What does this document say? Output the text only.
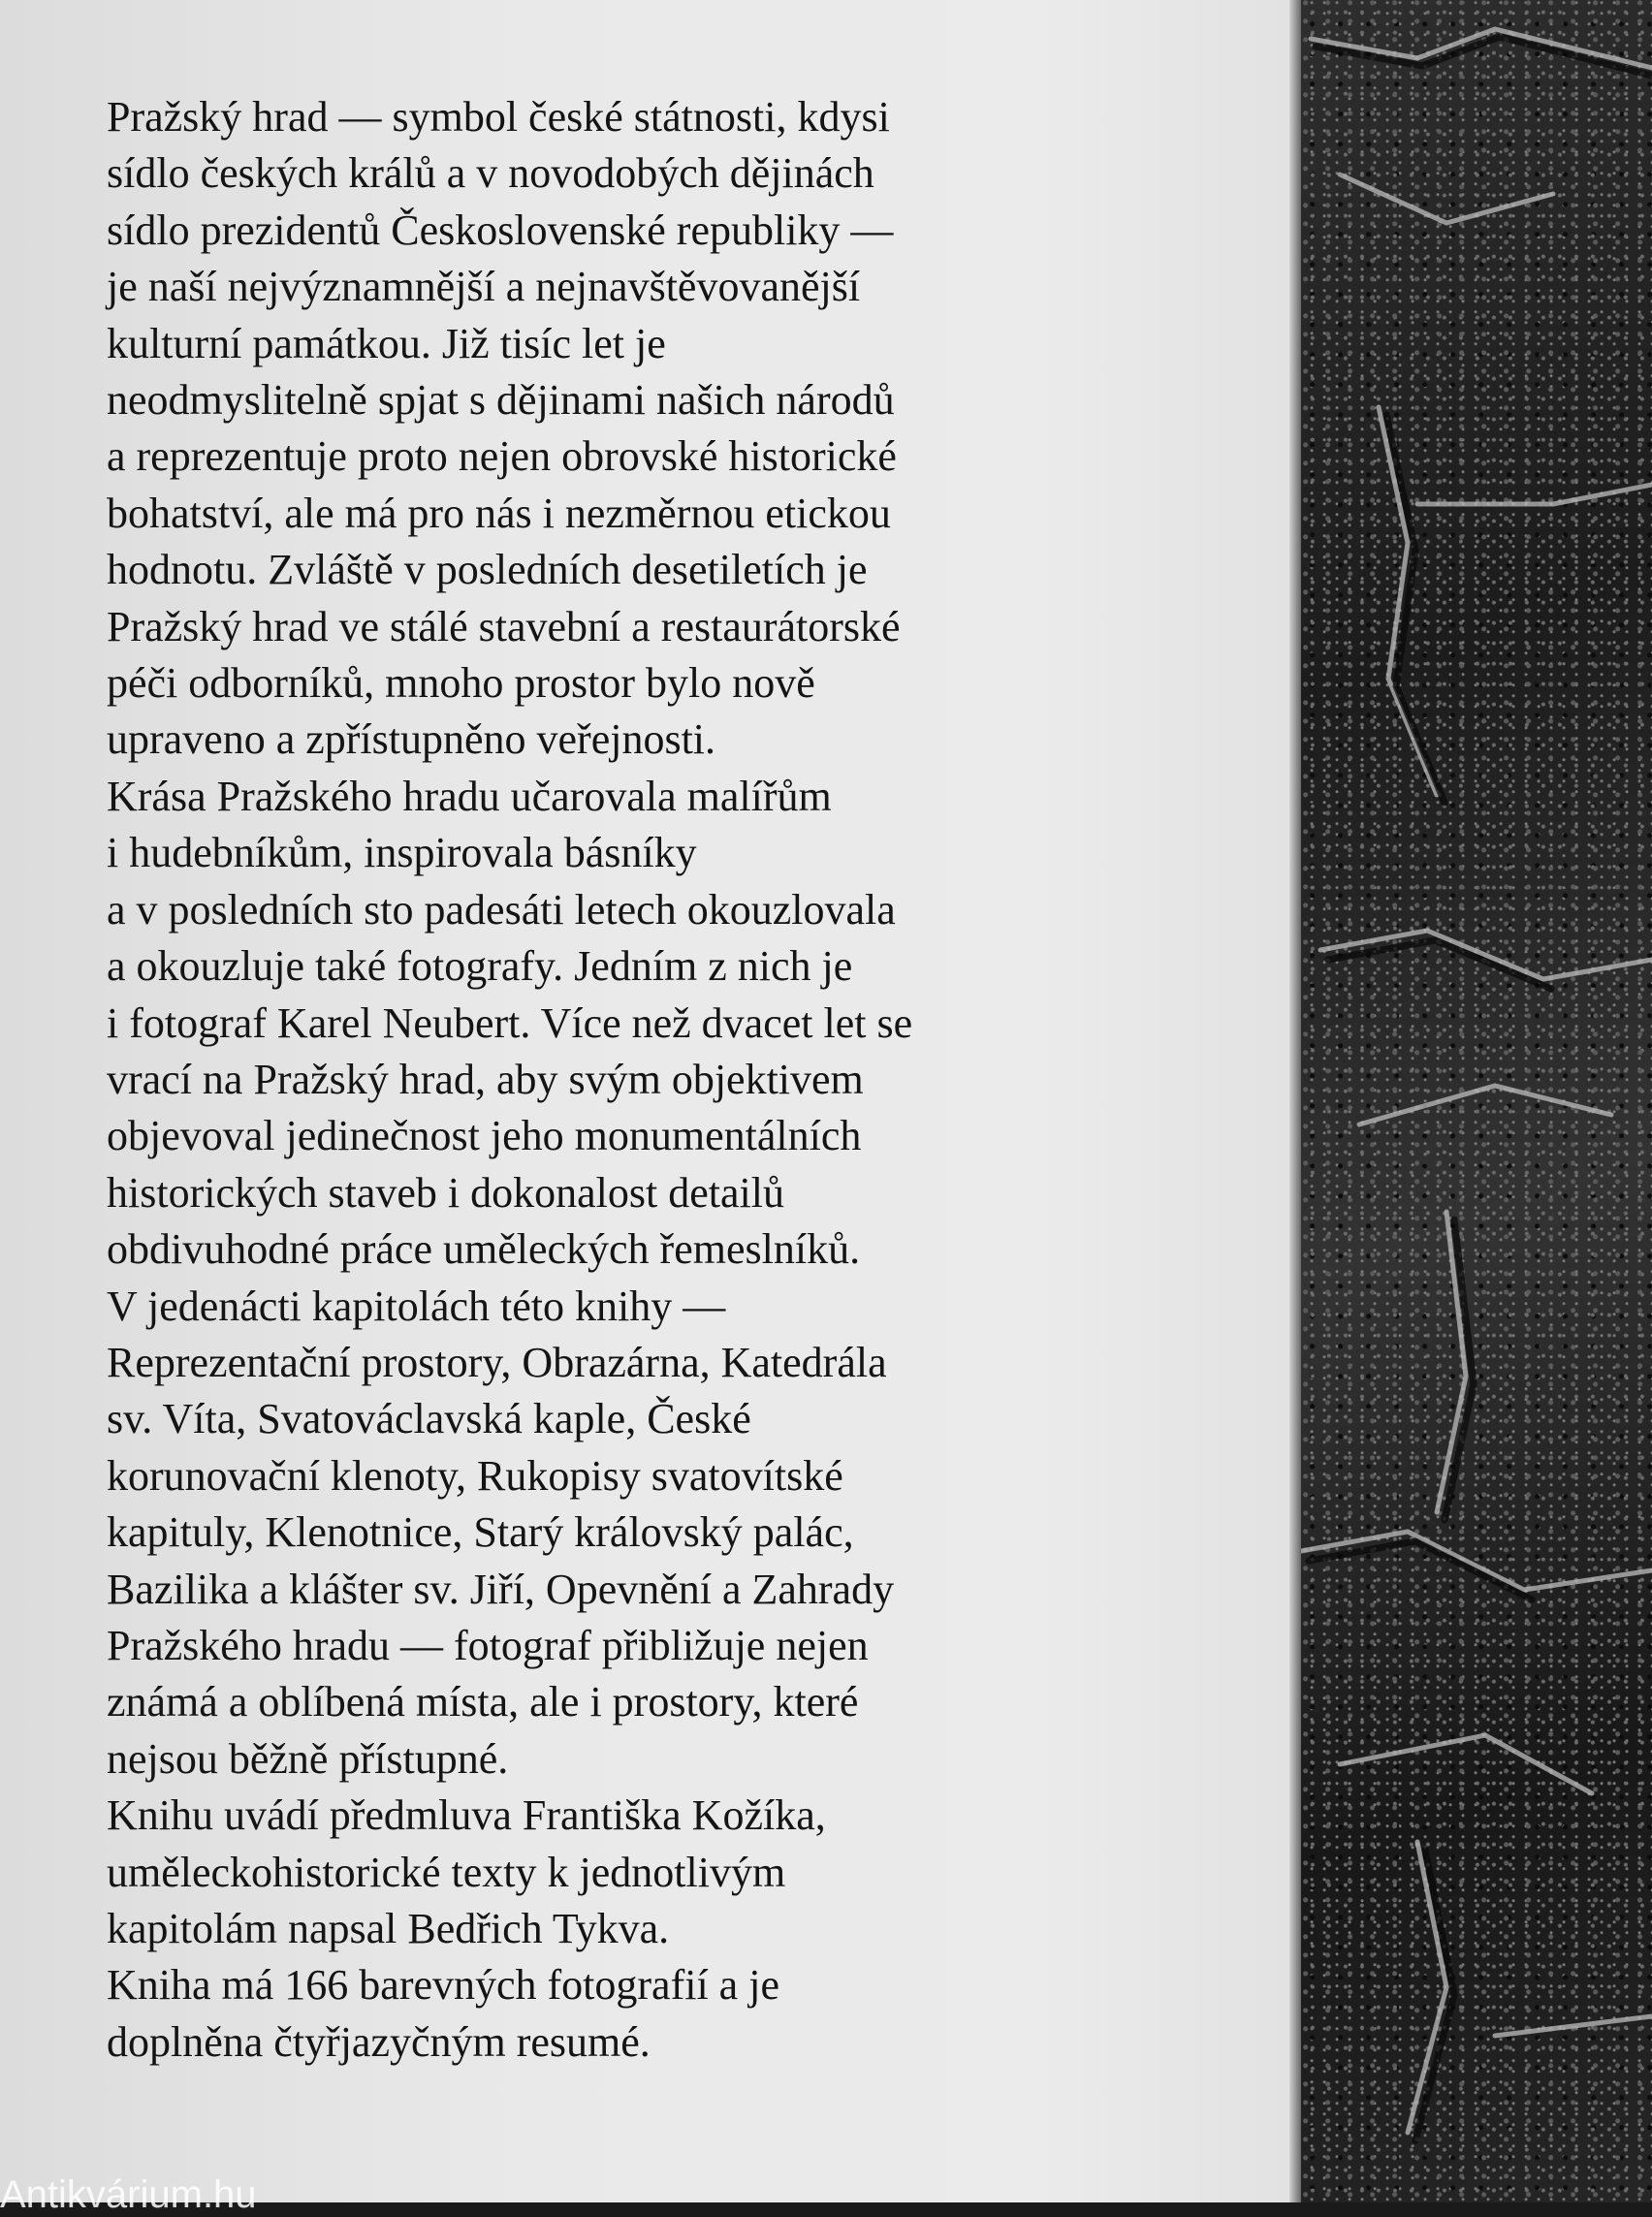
Pražský hrad — symbol české státnosti, kdysi
sídlo českých králů a v novodobých dějinách
sídlo prezidentů Československé republiky —
je naší nejvýznamnější a nejnavštěvovanější
kulturní památkou. Již tisíc let je
neodmyslitelně spjat s dějinami našich národů
a reprezentuje proto nejen obrovské historické
bohatství, ale má pro nás i nezměrnou etickou
hodnotu. Zvláště v posledních desetiletích je
Pražský hrad ve stálé stavební a restaurátorské
péči odborníků, mnoho prostor bylo nově
upraveno a zpřístupněno veřejnosti.
Krása Pražského hradu učarovala malířům
i hudebníkům, inspirovala básníky
a v posledních sto padesáti letech okouzlovala
a okouzluje také fotografy. Jedním z nich je
i fotograf Karel Neubert. Více než dvacet let se
vrací na Pražský hrad, aby svým objektivem
objevoval jedinečnost jeho monumentálních
historických staveb i dokonalost detailů
obdivuhodné práce uměleckých řemeslníků.
V jedenácti kapitolách této knihy —
Reprezentační prostory, Obrazárna, Katedrála
sv. Víta, Svatováclavská kaple, České
korunovační klenoty, Rukopisy svatovítské
kapituly, Klenotnice, Starý královský palác,
Bazilika a klášter sv. Jiří, Opevnění a Zahrady
Pražského hradu — fotograf přibližuje nejen
známá a oblíbená místa, ale i prostory, které
nejsou běžně přístupné.
Knihu uvádí předmluva Františka Kožíka,
uměleckohistorické texty k jednotlivým
kapitolám napsal Bedřich Tykva.
Kniha má 166 barevných fotografií a je
doplněna čtyřjazyčným resumé.
Antikvárium.hu
